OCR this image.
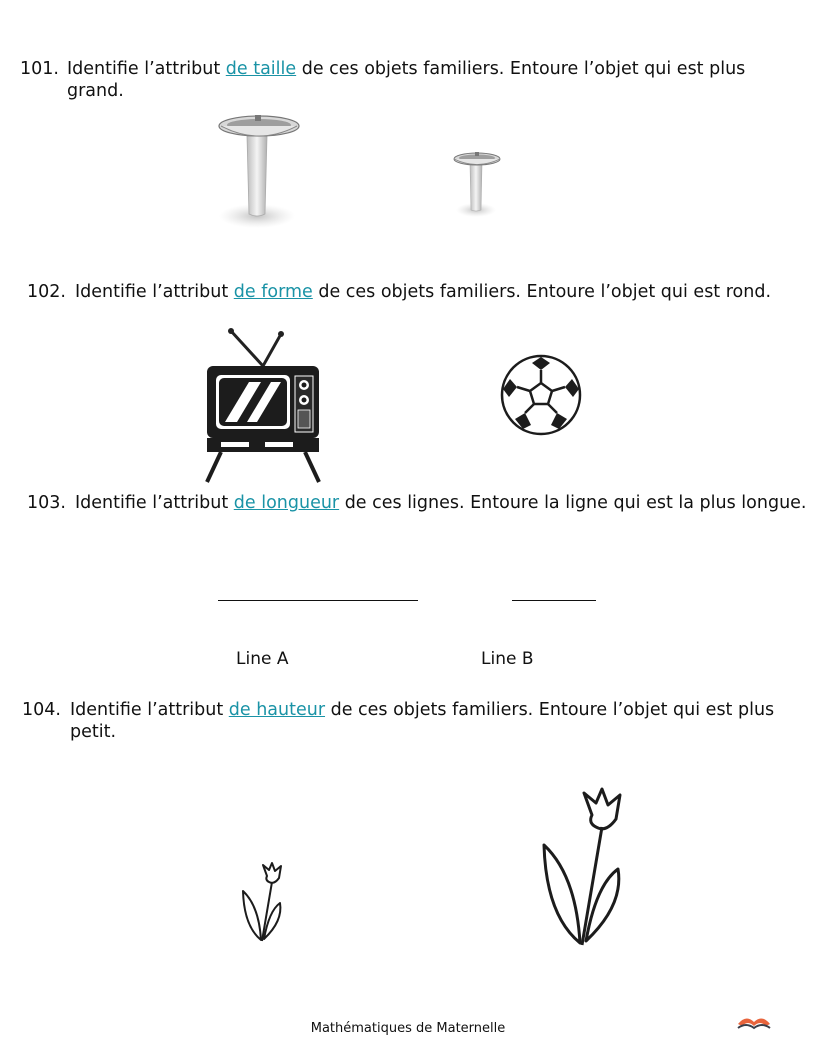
101. Identifie l’attribut de taille de ces objets familiers. Entoure l’objet qui est plus grand.
102. Identifie l’attribut de forme de ces objets familiers. Entoure l’objet qui est rond.
103. Identifie l’attribut de longueur de ces lignes. Entoure la ligne qui est la plus longue.
Line A	Line B
104. Identifie l’attribut de hauteur de ces objets familiers. Entoure l’objet qui est plus petit.
Mathématiques de Maternelle
